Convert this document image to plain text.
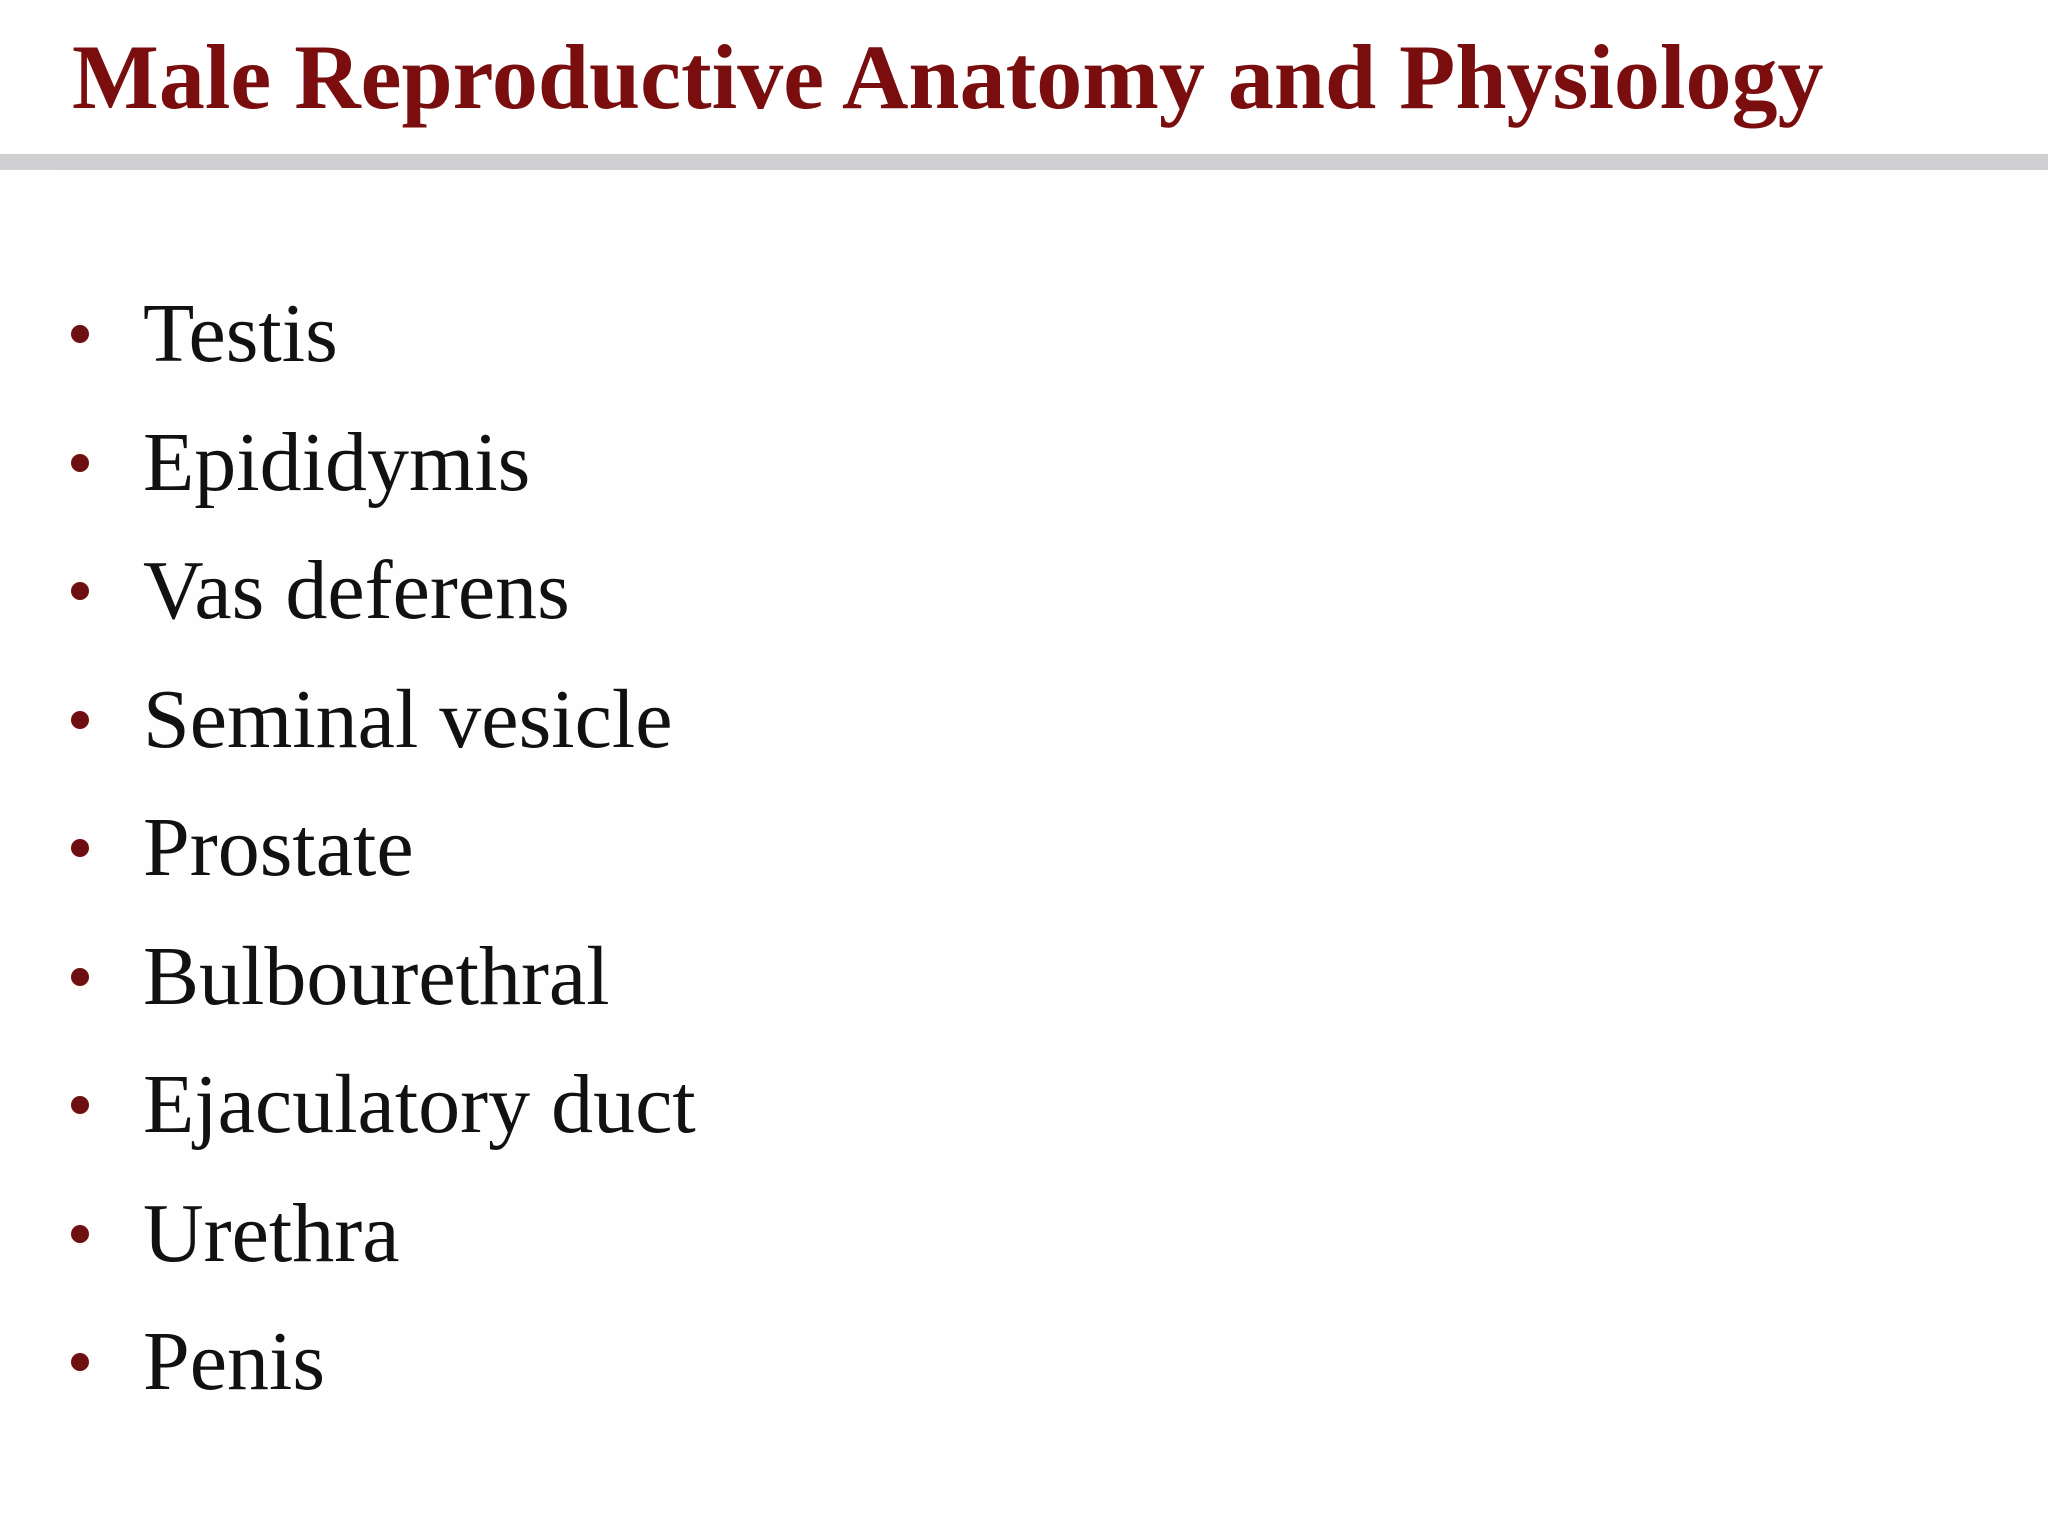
Male Reproductive Anatomy and Physiology
Testis
Epididymis
Vas deferens
Seminal vesicle
Prostate
Bulbourethral
Ejaculatory duct
Urethra
Penis
